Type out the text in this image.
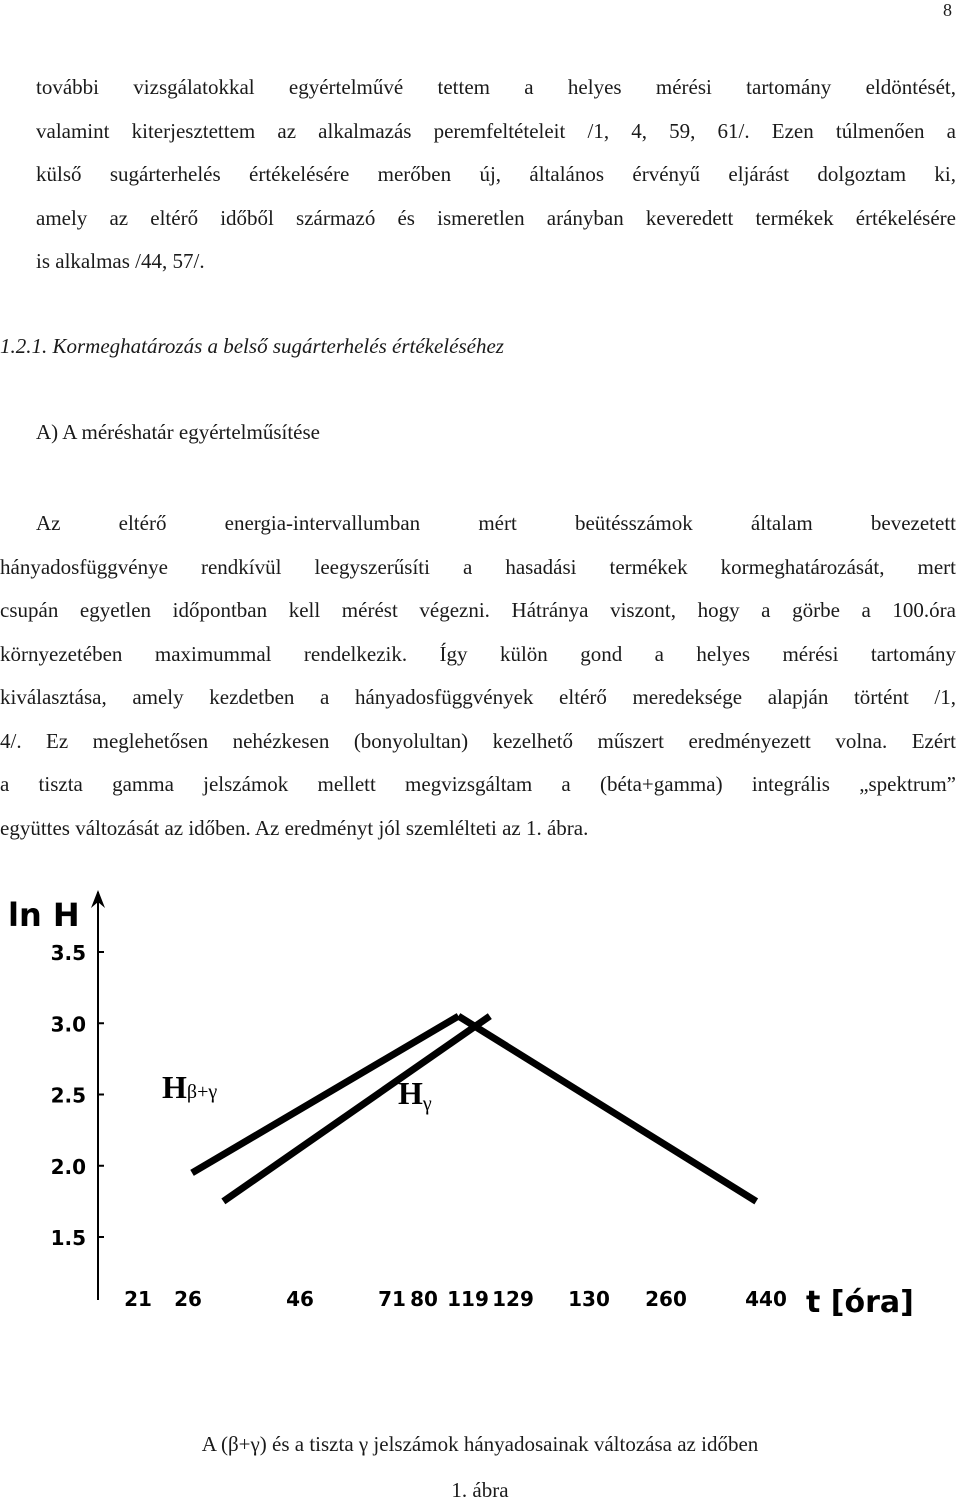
8
további vizsgálatokkal egyértelművé tettem a helyes mérési tartomány eldöntését,
valamint kiterjesztettem az alkalmazás peremfeltételeit /1, 4, 59, 61/. Ezen túlmenően a
külső sugárterhelés értékelésére merőben új, általános érvényű eljárást dolgoztam ki,
amely az eltérő időből származó és ismeretlen arányban keveredett termékek értékelésére
is alkalmas /44, 57/.
1.2.1. Kormeghatározás a belső sugárterhelés értékeléséhez
A) A méréshatár egyértelműsítése
Az eltérő energia-intervallumban mért beütésszámok általam bevezetett
hányadosfüggvénye rendkívül leegyszerűsíti a hasadási termékek kormeghatározását, mert
csupán egyetlen időpontban kell mérést végezni. Hátránya viszont, hogy a görbe a 100.óra
környezetében maximummal rendelkezik. Így külön gond a helyes mérési tartomány
kiválasztása, amely kezdetben a hányadosfüggvények eltérő meredeksége alapján történt /1,
4/. Ez meglehetősen nehézkesen (bonyolultan) kezelhető műszert eredményezett volna. Ezért
a tiszta gamma jelszámok mellett megvizsgáltam a (béta+gamma) integrális „spektrum”
együttes változását az időben. Az eredményt jól szemlélteti az 1. ábra.
ln H
3.5
3.0
2.5
2.0
1.5
21 26	46	71 80 119 129 130 260	440
Hβ+γ	Hγ
t [óra]
A (β+γ) és a tiszta γ jelszámok hányadosainak változása az időben
1. ábra
